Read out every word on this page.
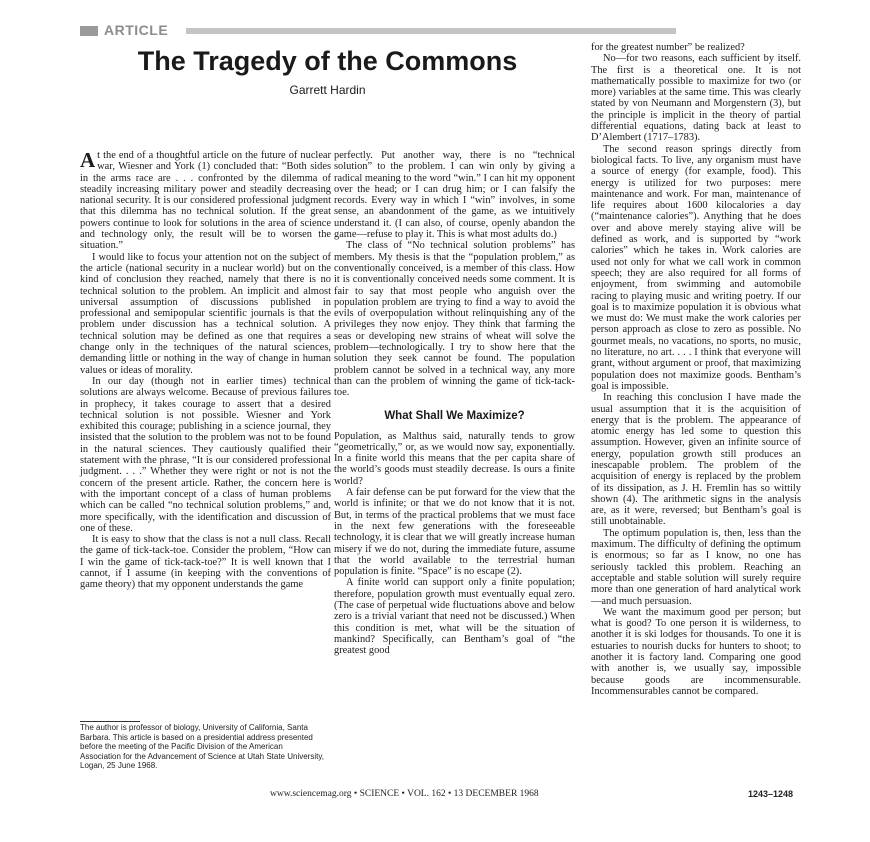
ARTICLE
The Tragedy of the Commons
Garrett Hardin

At the end of a thoughtful article on the future of nuclear war, Wiesner and York (1) concluded that: “Both sides in the arms race are . . . confronted by the dilemma of steadily increasing military power and steadily decreasing national security. It is our considered professional judgment that this dilemma has no technical solution. If the great powers continue to look for solutions in the area of science and technology only, the result will be to worsen the situation.”

I would like to focus your attention not on the subject of the article (national security in a nuclear world) but on the kind of conclusion they reached, namely that there is no technical solution to the problem. An implicit and almost universal assumption of discussions published in professional and semipopular scientific journals is that the problem under discussion has a technical solution. A technical solution may be defined as one that requires a change only in the techniques of the natural sciences, demanding little or nothing in the way of change in human values or ideas of morality.

In our day (though not in earlier times) technical solutions are always welcome. Because of previous failures in prophecy, it takes courage to assert that a desired technical solution is not possible. Wiesner and York exhibited this courage; publishing in a science journal, they insisted that the solution to the problem was not to be found in the natural sciences. They cautiously qualified their statement with the phrase, “It is our considered professional judgment. . . .” Whether they were right or not is not the concern of the present article. Rather, the concern here is with the important concept of a class of human problems which can be called “no technical solution problems,” and, more specifically, with the identification and discussion of one of these.

It is easy to show that the class is not a null class. Recall the game of tick-tack-toe. Consider the problem, “How can I win the game of tick-tack-toe?” It is well known that I cannot, if I assume (in keeping with the conventions of game theory) that my opponent understands the game

perfectly. Put another way, there is no “technical solution” to the problem. I can win only by giving a radical meaning to the word “win.” I can hit my opponent over the head; or I can drug him; or I can falsify the records. Every way in which I “win” involves, in some sense, an abandonment of the game, as we intuitively understand it. (I can also, of course, openly abandon the game—refuse to play it. This is what most adults do.)

The class of “No technical solution problems” has members. My thesis is that the “population problem,” as conventionally conceived, is a member of this class. How it is conventionally conceived needs some comment. It is fair to say that most people who anguish over the population problem are trying to find a way to avoid the evils of overpopulation without relinquishing any of the privileges they now enjoy. They think that farming the seas or developing new strains of wheat will solve the problem—technologically. I try to show here that the solution they seek cannot be found. The population problem cannot be solved in a technical way, any more than can the problem of winning the game of tick-tack-toe.

What Shall We Maximize?

Population, as Malthus said, naturally tends to grow “geometrically,” or, as we would now say, exponentially. In a finite world this means that the per capita share of the world’s goods must steadily decrease. Is ours a finite world?

A fair defense can be put forward for the view that the world is infinite; or that we do not know that it is not. But, in terms of the practical problems that we must face in the next few generations with the foreseeable technology, it is clear that we will greatly increase human misery if we do not, during the immediate future, assume that the world available to the terrestrial human population is finite. “Space” is no escape (2).

A finite world can support only a finite population; therefore, population growth must eventually equal zero. (The case of perpetual wide fluctuations above and below zero is a trivial variant that need not be discussed.) When this condition is met, what will be the situation of mankind? Specifically, can Bentham’s goal of “the greatest good

for the greatest number” be realized?

No—for two reasons, each sufficient by itself. The first is a theoretical one. It is not mathematically possible to maximize for two (or more) variables at the same time. This was clearly stated by von Neumann and Morgenstern (3), but the principle is implicit in the theory of partial differential equations, dating back at least to D’Alembert (1717–1783).

The second reason springs directly from biological facts. To live, any organism must have a source of energy (for example, food). This energy is utilized for two purposes: mere maintenance and work. For man, maintenance of life requires about 1600 kilocalories a day (“maintenance calories”). Anything that he does over and above merely staying alive will be defined as work, and is supported by “work calories” which he takes in. Work calories are used not only for what we call work in common speech; they are also required for all forms of enjoyment, from swimming and automobile racing to playing music and writing poetry. If our goal is to maximize population it is obvious what we must do: We must make the work calories per person approach as close to zero as possible. No gourmet meals, no vacations, no sports, no music, no literature, no art. . . . I think that everyone will grant, without argument or proof, that maximizing population does not maximize goods. Bentham’s goal is impossible.

In reaching this conclusion I have made the usual assumption that it is the acquisition of energy that is the problem. The appearance of atomic energy has led some to question this assumption. However, given an infinite source of energy, population growth still produces an inescapable problem. The problem of the acquisition of energy is replaced by the problem of its dissipation, as J. H. Fremlin has so wittily shown (4). The arithmetic signs in the analysis are, as it were, reversed; but Bentham’s goal is still unobtainable.

The optimum population is, then, less than the maximum. The difficulty of defining the optimum is enormous; so far as I know, no one has seriously tackled this problem. Reaching an acceptable and stable solution will surely require more than one generation of hard analytical work—and much persuasion.

We want the maximum good per person; but what is good? To one person it is wilderness, to another it is ski lodges for thousands. To one it is estuaries to nourish ducks for hunters to shoot; to another it is factory land. Comparing one good with another is, we usually say, impossible because goods are incommensurable. Incommensurables cannot be compared.

The author is professor of biology, University of California, Santa Barbara. This article is based on a presidential address presented before the meeting of the Pacific Division of the American Association for the Advancement of Science at Utah State University, Logan, 25 June 1968.
www.sciencemag.org • SCIENCE • VOL. 162 • 13 DECEMBER 1968	1243–1248
